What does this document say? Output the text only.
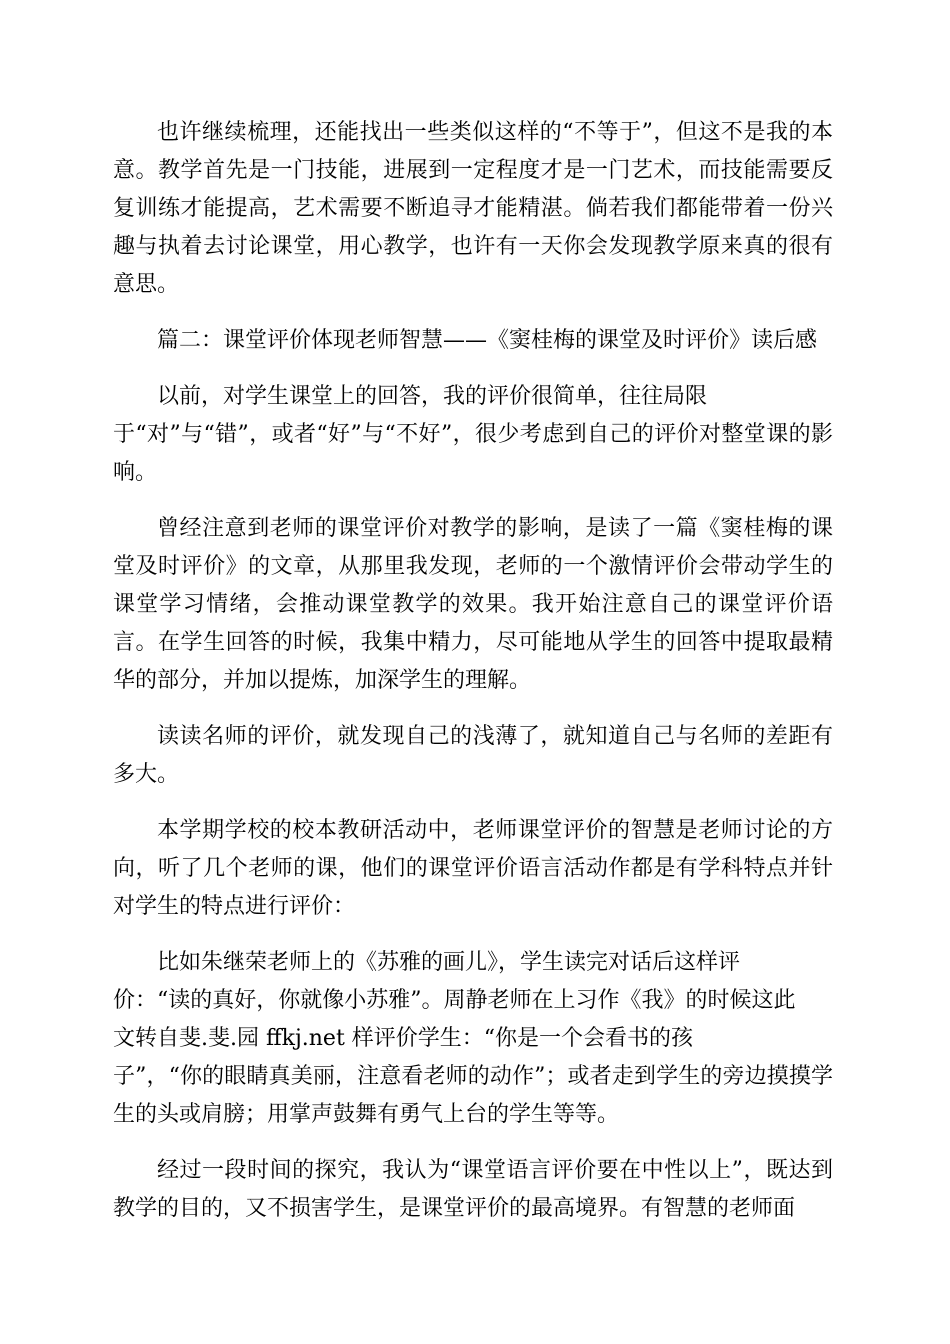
也许继续梳理，还能找出一些类似这样的“不等于”，但这不是我的本意。教学首先是一门技能，进展到一定程度才是一门艺术，而技能需要反复训练才能提高，艺术需要不断追寻才能精湛。倘若我们都能带着一份兴趣与执着去讨论课堂，用心教学，也许有一天你会发现教学原来真的很有意思。

篇二：课堂评价体现老师智慧——《窦桂梅的课堂及时评价》读后感

以前，对学生课堂上的回答，我的评价很简单，往往局限
于“对”与“错”，或者“好”与“不好”，很少考虑到自己的评价对整堂课的影响。

曾经注意到老师的课堂评价对教学的影响，是读了一篇《窦桂梅的课堂及时评价》的文章，从那里我发现，老师的一个激情评价会带动学生的课堂学习情绪，会推动课堂教学的效果。我开始注意自己的课堂评价语言。在学生回答的时候，我集中精力，尽可能地从学生的回答中提取最精华的部分，并加以提炼，加深学生的理解。

读读名师的评价，就发现自己的浅薄了，就知道自己与名师的差距有多大。

本学期学校的校本教研活动中，老师课堂评价的智慧是老师讨论的方向，听了几个老师的课，他们的课堂评价语言活动作都是有学科特点并针对学生的特点进行评价：

比如朱继荣老师上的《苏雅的画儿》，学生读完对话后这样评
价：“读的真好，你就像小苏雅”。周静老师在上习作《我》的时候这此
文转自斐.斐.园 ffkj.net 样评价学生：“你是一个会看书的孩
子”，“你的眼睛真美丽，注意看老师的动作”；或者走到学生的旁边摸摸学生的头或肩膀；用掌声鼓舞有勇气上台的学生等等。

经过一段时间的探究，我认为“课堂语言评价要在中性以上”，既达到教学的目的，又不损害学生，是课堂评价的最高境界。有智慧的老师面
